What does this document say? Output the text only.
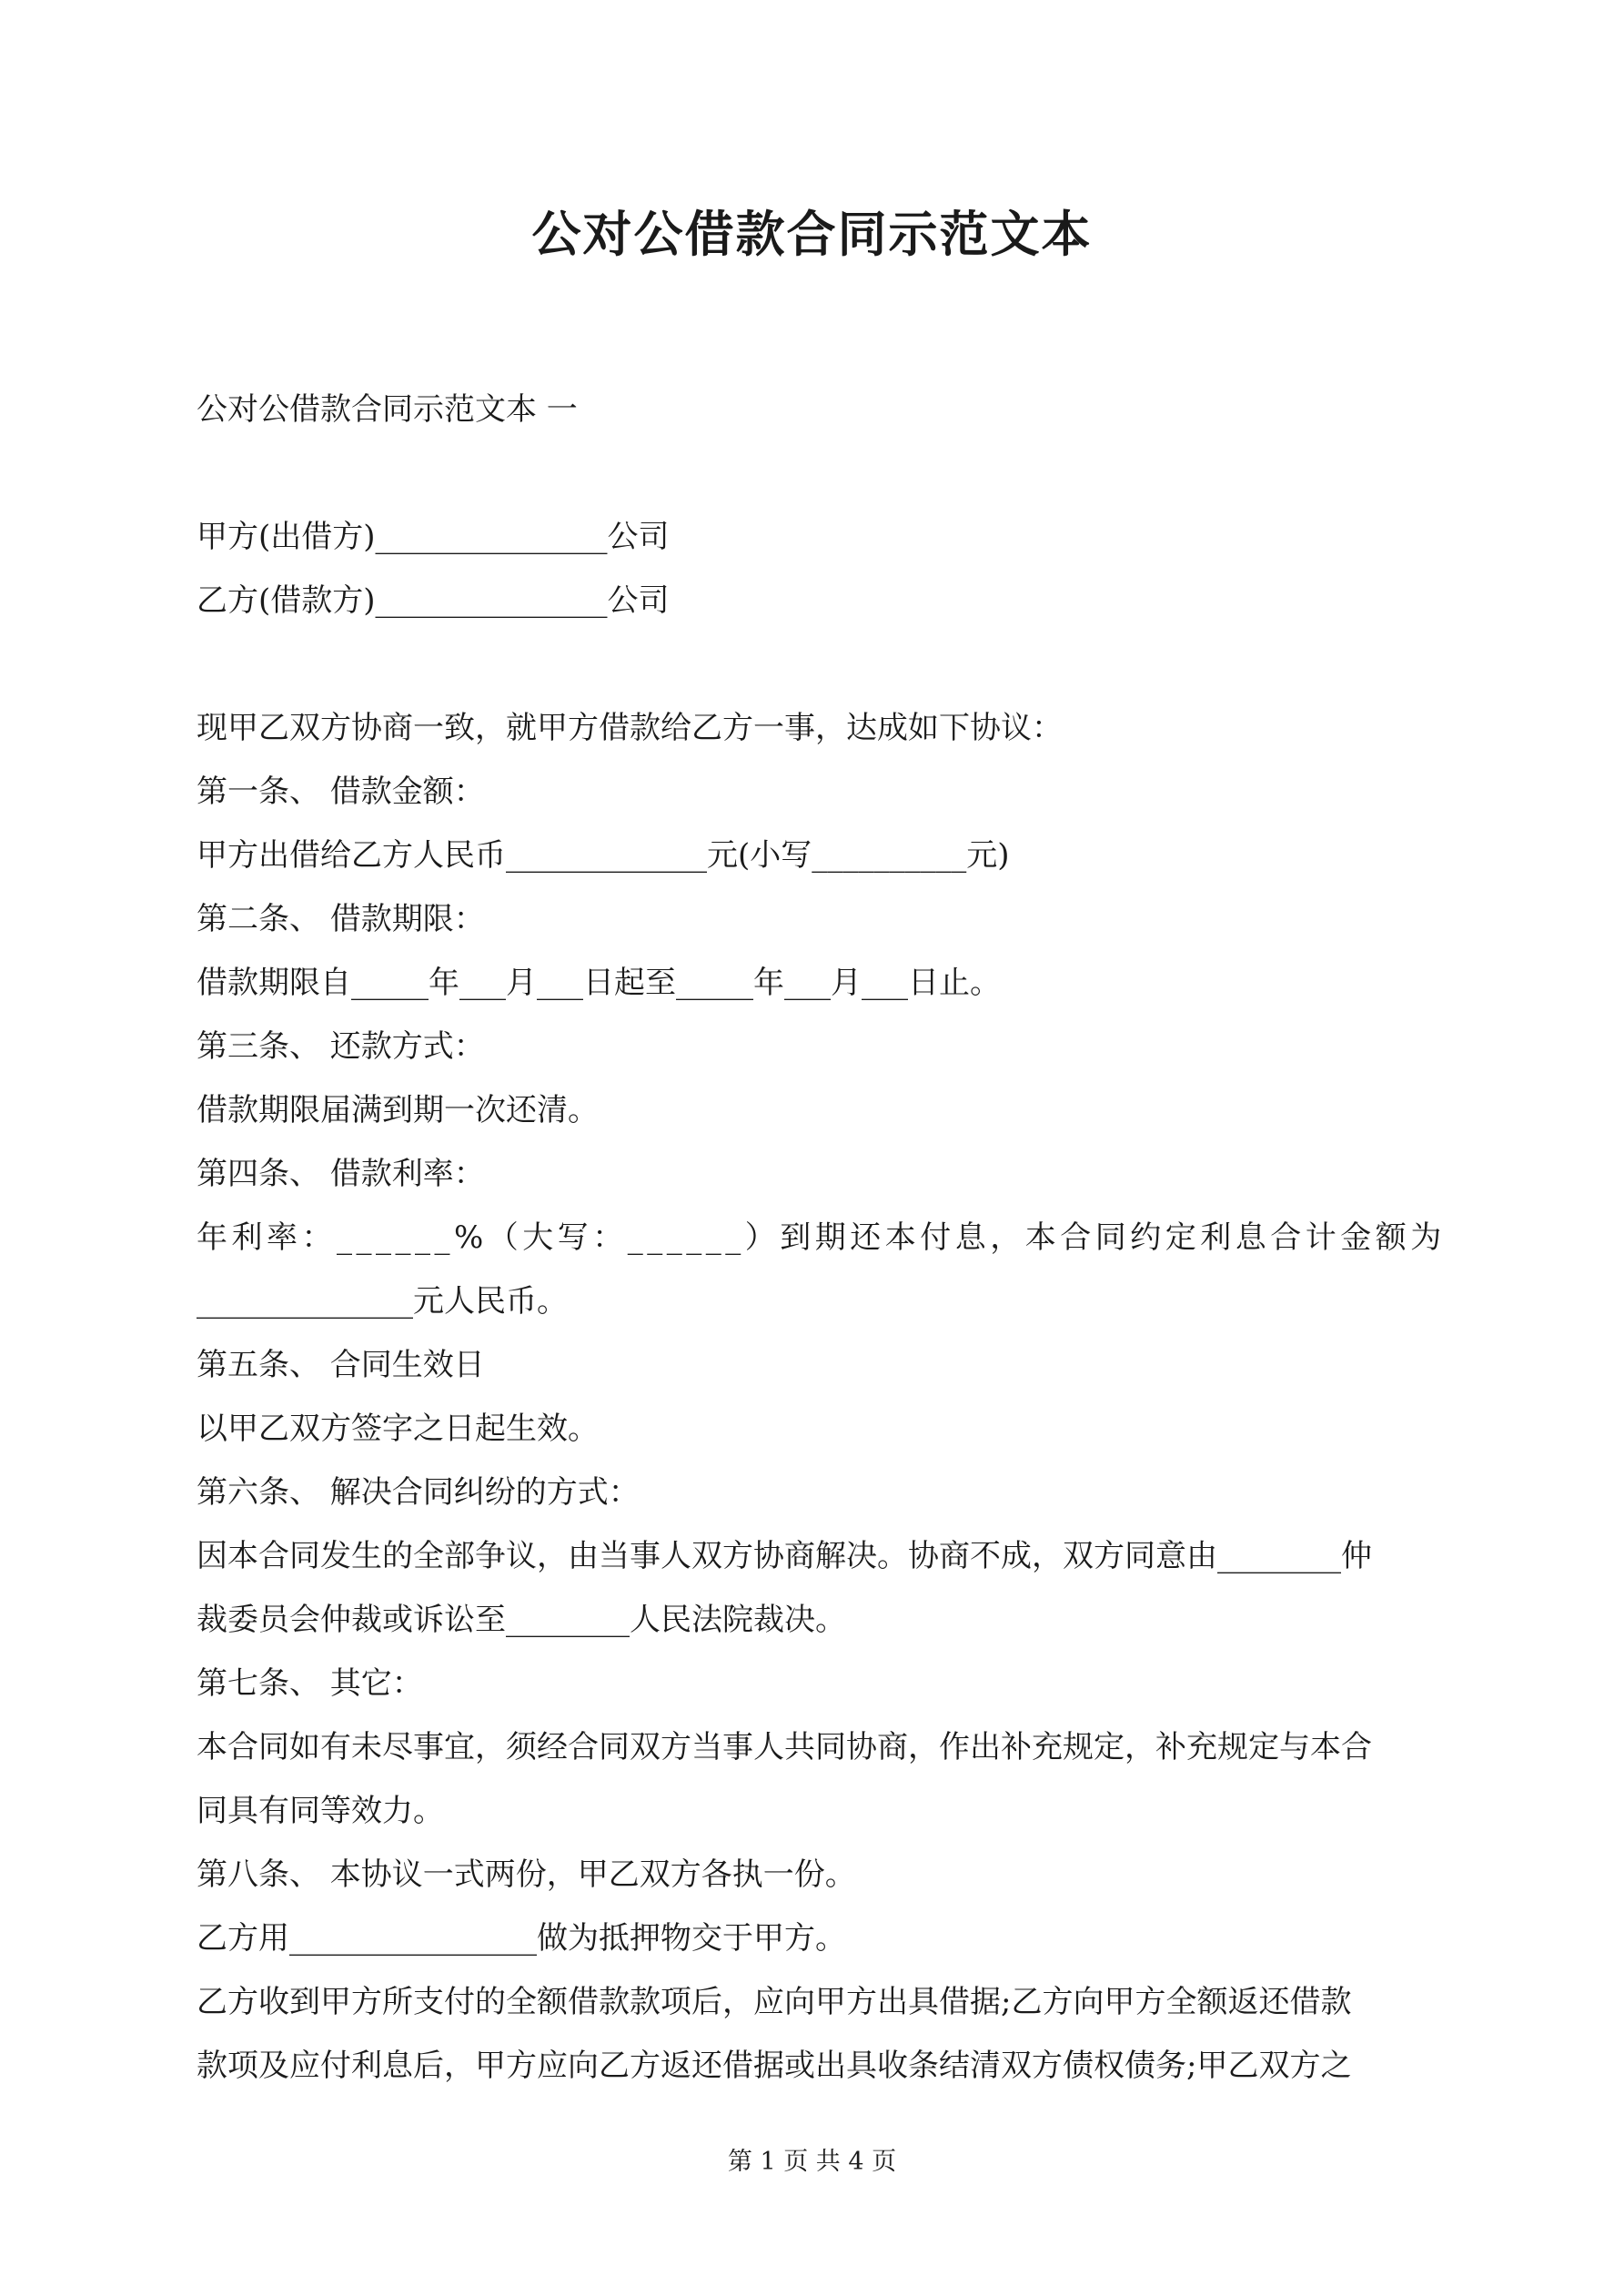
公对公借款合同示范文本
公对公借款合同示范文本 一
甲方(出借方)_______________公司
乙方(借款方)_______________公司
现甲乙双方协商一致，就甲方借款给乙方一事，达成如下协议：
第一条、 借款金额：
甲方出借给乙方人民币_____________元(小写__________元)
第二条、 借款期限：
借款期限自_____年___月___日起至_____年___月___日止。
第三条、 还款方式：
借款期限届满到期一次还清。
第四条、 借款利率：
年利率：______%（大写：______）到期还本付息，本合同约定利息合计金额为
______________元人民币。
第五条、 合同生效日
以甲乙双方签字之日起生效。
第六条、 解决合同纠纷的方式：
因本合同发生的全部争议，由当事人双方协商解决。协商不成，双方同意由________仲
裁委员会仲裁或诉讼至________人民法院裁决。
第七条、 其它：
本合同如有未尽事宜，须经合同双方当事人共同协商，作出补充规定，补充规定与本合
同具有同等效力。
第八条、 本协议一式两份，甲乙双方各执一份。
乙方用________________做为抵押物交于甲方。
乙方收到甲方所支付的全额借款款项后，应向甲方出具借据;乙方向甲方全额返还借款
款项及应付利息后，甲方应向乙方返还借据或出具收条结清双方债权债务;甲乙双方之
第 1 页 共 4 页
